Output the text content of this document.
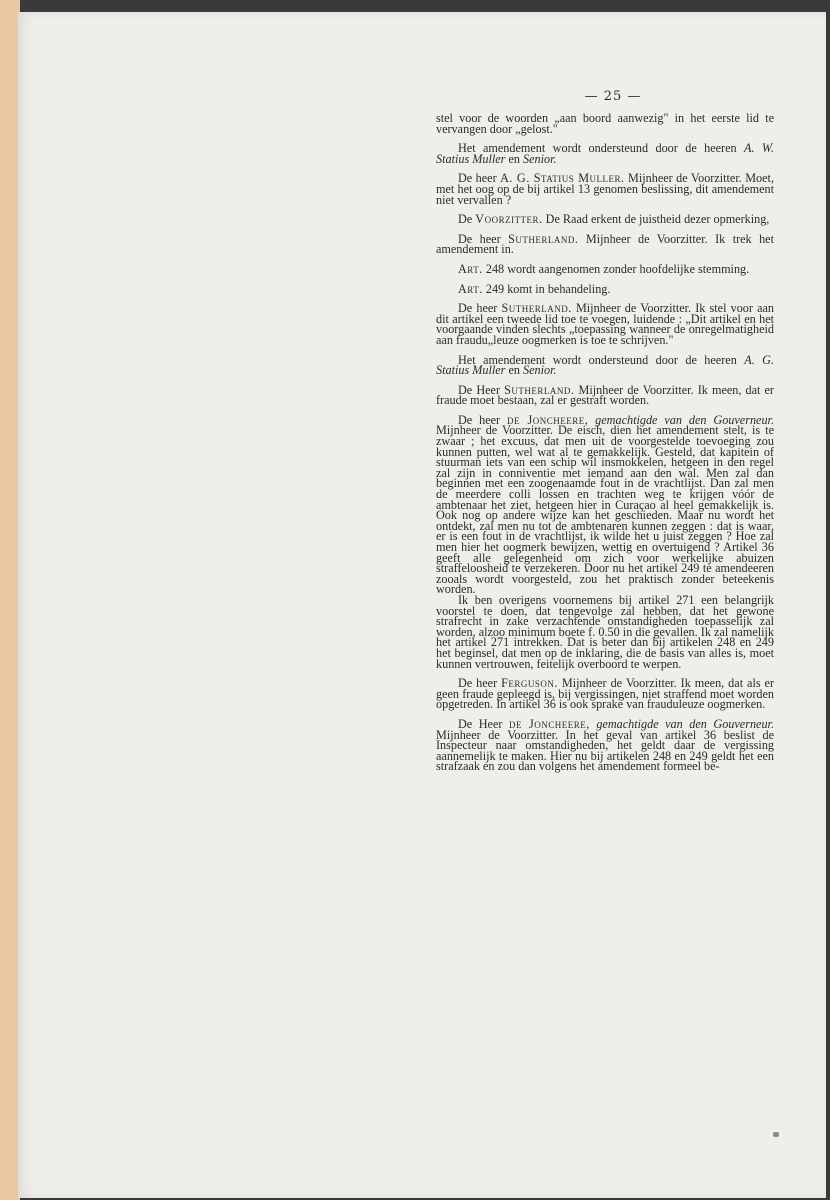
— 25 —

stel voor de woorden „aan boord aanwezig" in het eerste lid te vervangen door „gelost."

Het amendement wordt ondersteund door de heeren A. W. Statius Muller en Senior.

De heer A. G. Statius Muller. Mijnheer de Voorzitter. Moet, met het oog op de bij artikel 13 genomen beslissing, dit amendement niet vervallen ?

De Voorzitter. De Raad erkent de juistheid dezer opmerking,

De heer Sutherland. Mijnheer de Voorzitter. Ik trek het amendement in.

Art. 248 wordt aangenomen zonder hoofdelijke stemming.

Art. 249 komt in behandeling.

De heer Sutherland. Mijnheer de Voorzitter. Ik stel voor aan dit artikel een tweede lid toe te voegen, luidende : „Dit artikel en het voorgaande vinden slechts „toepassing wanneer de onregelmatigheid aan fraudu„leuze oogmerken is toe te schrijven."

Het amendement wordt ondersteund door de heeren A. G. Statius Muller en Senior.

De Heer Sutherland. Mijnheer de Voorzitter. Ik meen, dat er fraude moet bestaan, zal er gestraft worden.

De heer de Joncheere, gemachtigde van den Gouverneur. Mijnheer de Voorzitter. De eisch, dien het amendement stelt, is te zwaar ; het excuus, dat men uit de voorgestelde toevoeging zou kunnen putten, wel wat al te gemakkelijk. Gesteld, dat kapitein of stuurman iets van een schip wil insmokkelen, hetgeen in den regel zal zijn in conniventie met iemand aan den wal. Men zal dan beginnen met een zoogenaamde fout in de vrachtlijst. Dan zal men de meerdere colli lossen en trachten weg te krijgen vóór de ambtenaar het ziet, hetgeen hier in Curaçao al heel gemakkelijk is. Ook nog op andere wijze kan het geschieden. Maar nu wordt het ontdekt, zal men nu tot de ambtenaren kunnen zeggen : dat is waar, er is een fout in de vrachtlijst, ik wilde het u juist zeggen ? Hoe zal men hier het oogmerk bewijzen, wettig en overtuigend ? Artikel 36 geeft alle gelegenheid om zich voor werkelijke abuizen straffeloosheid te verzekeren. Door nu het artikel 249 te amendeeren zooals wordt voorgesteld, zou het praktisch zonder beteekenis worden.

Ik ben overigens voornemens bij artikel 271 een belangrijk voorstel te doen, dat tengevolge zal hebben, dat het gewone strafrecht in zake verzachtende omstandigheden toepasselijk zal worden, alzoo minimum boete f. 0.50 in die gevallen. Ik zal namelijk het artikel 271 intrekken. Dat is beter dan bij artikelen 248 en 249 het beginsel, dat men op de inklaring, die de basis van alles is, moet kunnen vertrouwen, feitelijk overboord te werpen.

De heer Ferguson. Mijnheer de Voorzitter. Ik meen, dat als er geen fraude gepleegd is, bij vergissingen, niet straffend moet worden opgetreden. In artikel 36 is ook sprake van frauduleuze oogmerken.

De Heer de Joncheere, gemachtigde van den Gouverneur. Mijnheer de Voorzitter. In het geval van artikel 36 beslist de Inspecteur naar omstandigheden, het geldt daar de vergissing aannemelijk te maken. Hier nu bij artikelen 248 en 249 geldt het een strafzaak en zou dan volgens het amendement formeel be-
